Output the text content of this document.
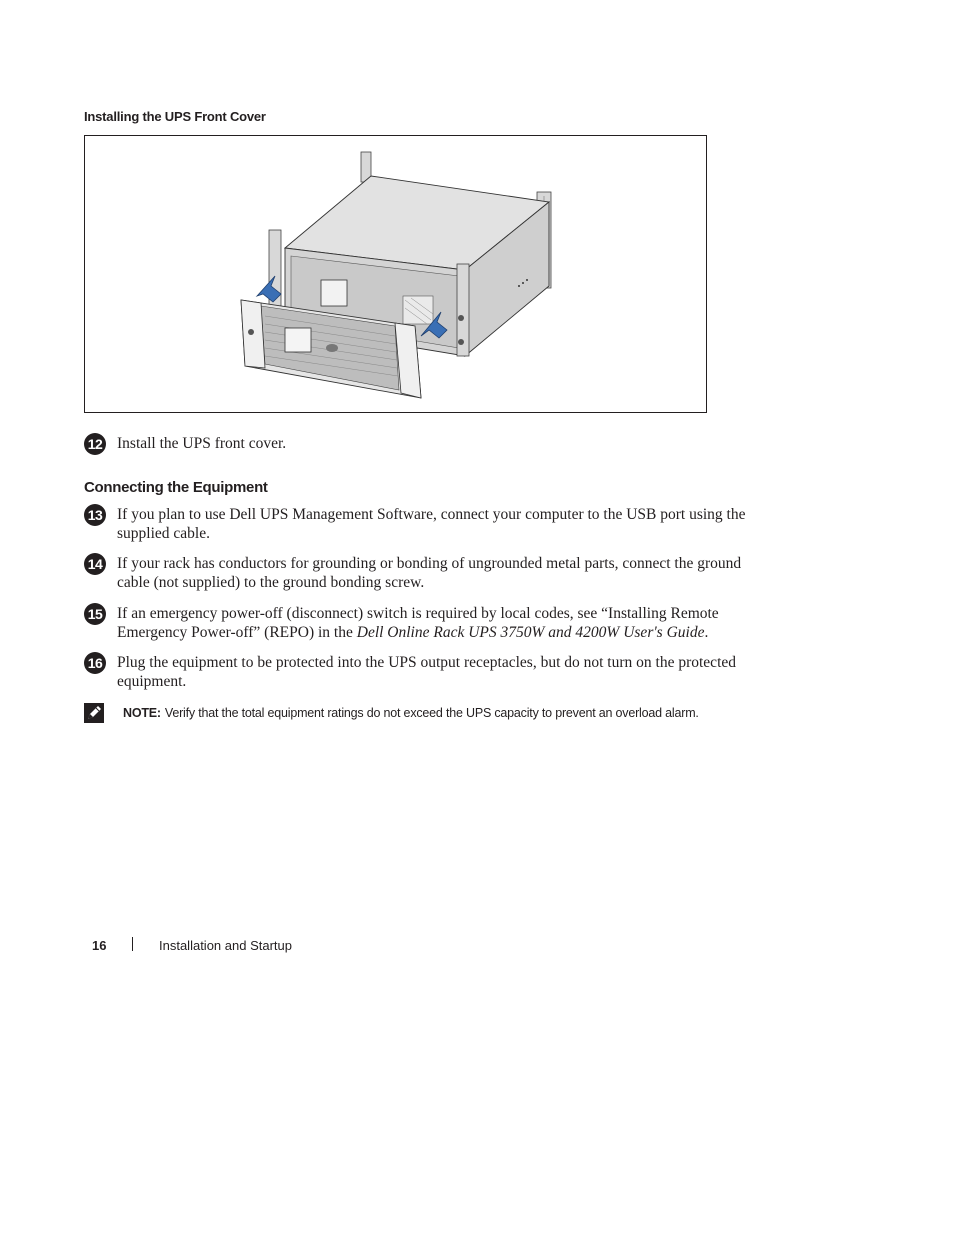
Installing the UPS Front Cover
12 Install the UPS front cover.
Connecting the Equipment
13 If you plan to use Dell UPS Management Software, connect your computer to the USB port using the supplied cable.
14 If your rack has conductors for grounding or bonding of ungrounded metal parts, connect the ground cable (not supplied) to the ground bonding screw.
15 If an emergency power-off (disconnect) switch is required by local codes, see “Installing Remote Emergency Power-off” (REPO) in the Dell Online Rack UPS 3750W and 4200W User's Guide.
16 Plug the equipment to be protected into the UPS output receptacles, but do not turn on the protected equipment.
NOTE: Verify that the total equipment ratings do not exceed the UPS capacity to prevent an overload alarm.
16	Installation and Startup
